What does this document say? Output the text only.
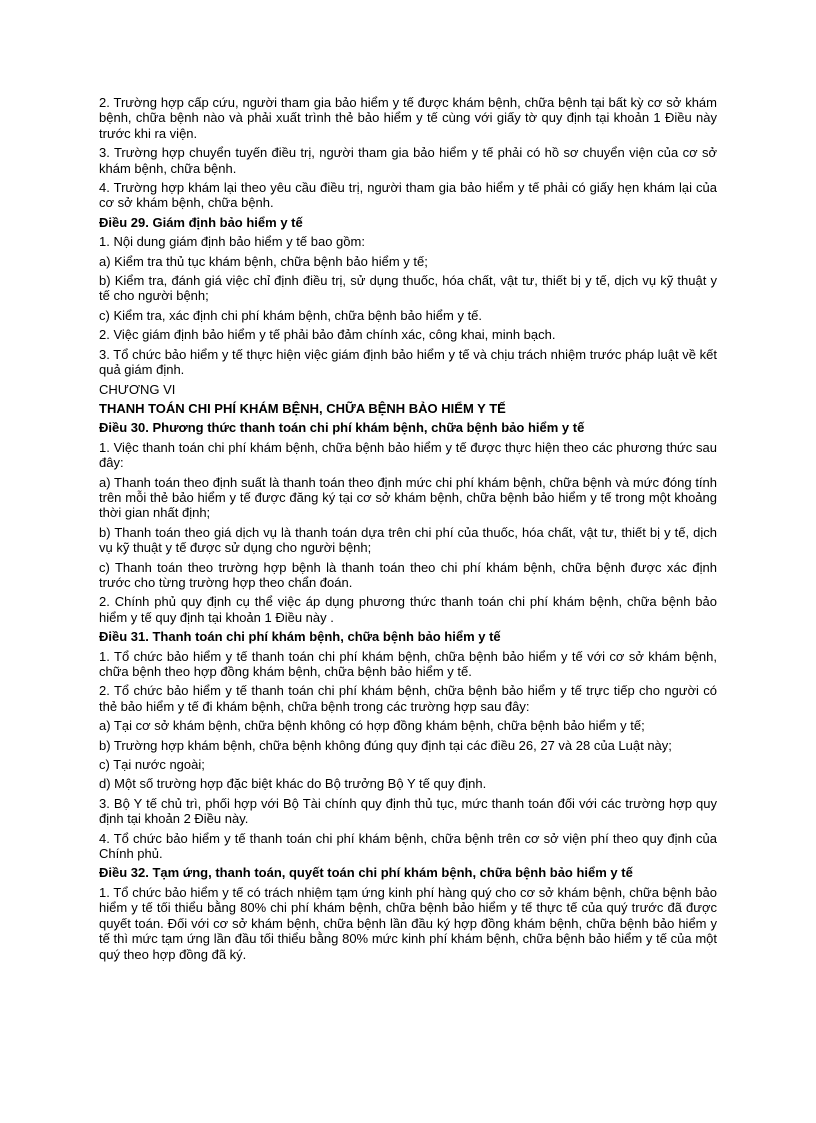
2. Trường hợp cấp cứu, người tham gia bảo hiểm y tế được khám bệnh, chữa bệnh tại bất kỳ cơ sở khám bệnh, chữa bệnh nào và phải xuất trình thẻ bảo hiểm y tế cùng với giấy tờ quy định tại khoản 1 Điều này trước khi ra viện.

3. Trường hợp chuyển tuyến điều trị, người tham gia bảo hiểm y tế phải có hồ sơ chuyển viện của cơ sở khám bệnh, chữa bệnh.

4. Trường hợp khám lại theo yêu cầu điều trị, người tham gia bảo hiểm y tế phải có giấy hẹn khám lại của cơ sở khám bệnh, chữa bệnh.

Điều 29. Giám định bảo hiểm y tế

1. Nội dung giám định bảo hiểm y tế bao gồm:

a) Kiểm tra thủ tục khám bệnh, chữa bệnh bảo hiểm y tế;

b) Kiểm tra, đánh giá việc chỉ định điều trị, sử dụng thuốc, hóa chất, vật tư, thiết bị y tế, dịch vụ kỹ thuật y tế cho người bệnh;

c) Kiểm tra, xác định chi phí khám bệnh, chữa bệnh bảo hiểm y tế.

2. Việc giám định bảo hiểm y tế phải bảo đảm chính xác, công khai, minh bạch.

3. Tổ chức bảo hiểm y tế thực hiện việc giám định bảo hiểm y tế và chịu trách nhiệm trước pháp luật về kết quả giám định.

CHƯƠNG VI

THANH TOÁN CHI PHÍ KHÁM BỆNH, CHỮA BỆNH BẢO HIỂM Y TẾ

Điều 30. Phương thức thanh toán chi phí khám bệnh, chữa bệnh bảo hiểm y tế

1. Việc thanh toán chi phí khám bệnh, chữa bệnh bảo hiểm y tế được thực hiện theo các phương thức sau đây:

a) Thanh toán theo định suất là thanh toán theo định mức chi phí khám bệnh, chữa bệnh và mức đóng tính trên mỗi thẻ bảo hiểm y tế được đăng ký tại cơ sở khám bệnh, chữa bệnh bảo hiểm y tế trong một khoảng thời gian nhất định;

b) Thanh toán theo giá dịch vụ là thanh toán dựa trên chi phí của thuốc, hóa chất, vật tư, thiết bị y tế, dịch vụ kỹ thuật y tế được sử dụng cho người bệnh;

c) Thanh toán theo trường hợp bệnh là thanh toán theo chi phí khám bệnh, chữa bệnh được xác định trước cho từng trường hợp theo chẩn đoán.

2. Chính phủ quy định cụ thể việc áp dụng phương thức thanh toán chi phí khám bệnh, chữa bệnh bảo hiểm y tế quy định tại khoản 1 Điều này .

Điều 31. Thanh toán chi phí khám bệnh, chữa bệnh bảo hiểm y tế

1. Tổ chức bảo hiểm y tế thanh toán chi phí khám bệnh, chữa bệnh bảo hiểm y tế với cơ sở khám bệnh, chữa bệnh theo hợp đồng khám bệnh, chữa bệnh bảo hiểm y tế.

2. Tổ chức bảo hiểm y tế thanh toán chi phí khám bệnh, chữa bệnh bảo hiểm y tế trực tiếp cho người có thẻ bảo hiểm y tế đi khám bệnh, chữa bệnh trong các trường hợp sau đây:

a) Tại cơ sở khám bệnh, chữa bệnh không có hợp đồng khám bệnh, chữa bệnh bảo hiểm y tế;

b) Trường hợp khám bệnh, chữa bệnh không đúng quy định tại các điều 26, 27 và 28 của Luật này;

c) Tại nước ngoài;

d) Một số trường hợp đặc biệt khác do Bộ trưởng Bộ Y tế quy định.

3. Bộ Y tế chủ trì, phối hợp với Bộ Tài chính quy định thủ tục, mức thanh toán đối với các trường hợp quy định tại khoản 2 Điều này.

4. Tổ chức bảo hiểm y tế thanh toán chi phí khám bệnh, chữa bệnh trên cơ sở viện phí theo quy định của Chính phủ.

Điều 32. Tạm ứng, thanh toán, quyết toán chi phí khám bệnh, chữa bệnh bảo hiểm y tế

1. Tổ chức bảo hiểm y tế có trách nhiệm tạm ứng kinh phí hàng quý cho cơ sở khám bệnh, chữa bệnh bảo hiểm y tế tối thiểu bằng 80% chi phí khám bệnh, chữa bệnh bảo hiểm y tế thực tế của quý trước đã được quyết toán. Đối với cơ sở khám bệnh, chữa bệnh lần đầu ký hợp đồng khám bệnh, chữa bệnh bảo hiểm y tế thì mức tạm ứng lần đầu tối thiểu bằng 80% mức kinh phí khám bệnh, chữa bệnh bảo hiểm y tế của một quý theo hợp đồng đã ký.
